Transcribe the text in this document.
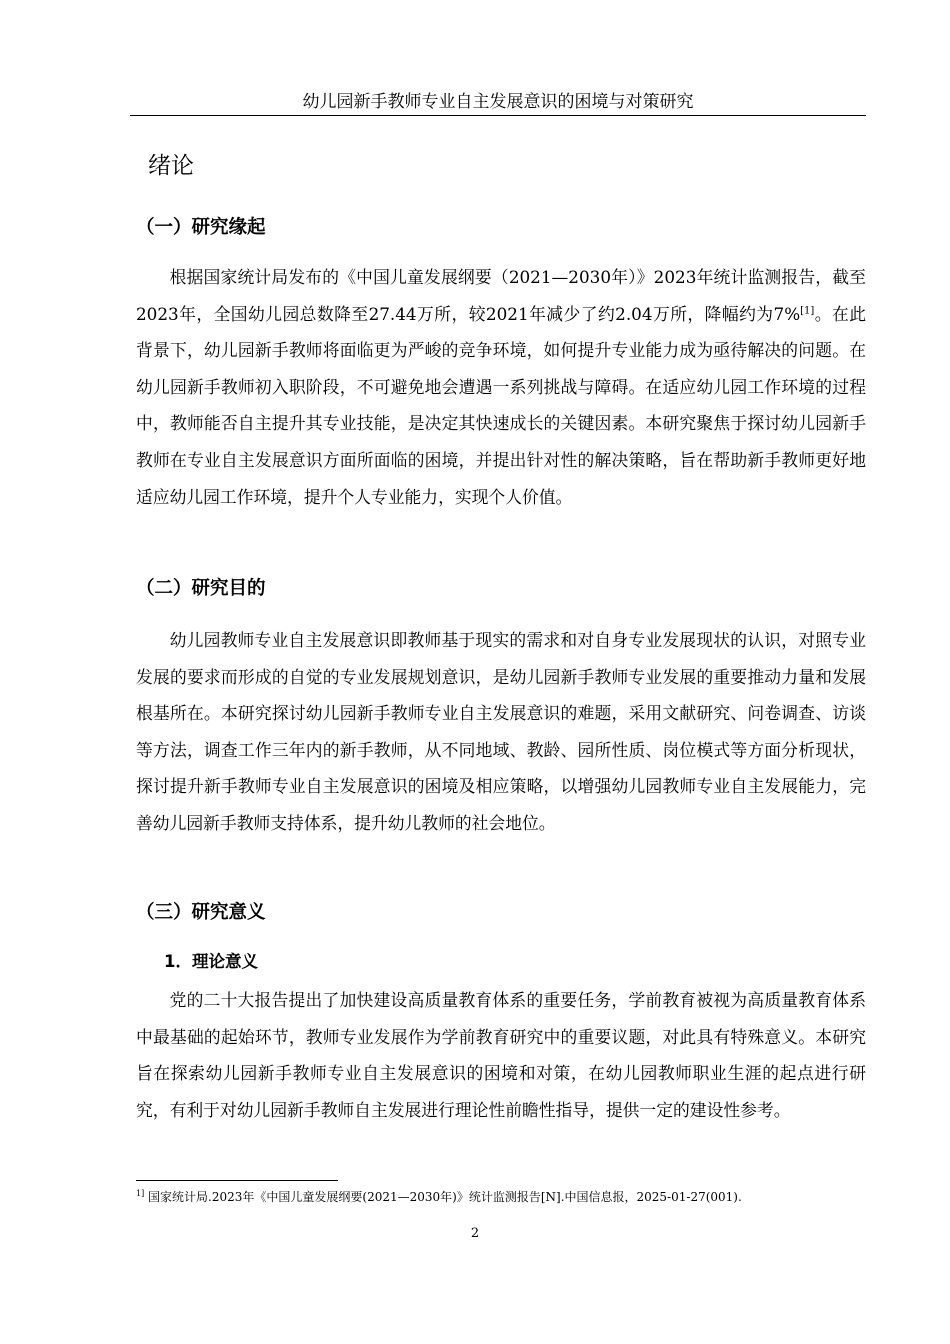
幼儿园新手教师专业自主发展意识的困境与对策研究
绪论
（一）研究缘起

根据国家统计局发布的《中国儿童发展纲要（2021—2030年）》2023年统计监测报告，截至2023年，全国幼儿园总数降至27.44万所，较2021年减少了约2.04万所，降幅约为7%[1]。在此背景下，幼儿园新手教师将面临更为严峻的竞争环境，如何提升专业能力成为亟待解决的问题。在幼儿园新手教师初入职阶段，不可避免地会遭遇一系列挑战与障碍。在适应幼儿园工作环境的过程中，教师能否自主提升其专业技能，是决定其快速成长的关键因素。本研究聚焦于探讨幼儿园新手教师在专业自主发展意识方面所面临的困境，并提出针对性的解决策略，旨在帮助新手教师更好地适应幼儿园工作环境，提升个人专业能力，实现个人价值。

（二）研究目的

幼儿园教师专业自主发展意识即教师基于现实的需求和对自身专业发展现状的认识，对照专业发展的要求而形成的自觉的专业发展规划意识，是幼儿园新手教师专业发展的重要推动力量和发展根基所在。本研究探讨幼儿园新手教师专业自主发展意识的难题，采用文献研究、问卷调查、访谈等方法，调查工作三年内的新手教师，从不同地域、教龄、园所性质、岗位模式等方面分析现状，探讨提升新手教师专业自主发展意识的困境及相应策略，以增强幼儿园教师专业自主发展能力，完善幼儿园新手教师支持体系，提升幼儿教师的社会地位。

（三）研究意义
1．理论意义

党的二十大报告提出了加快建设高质量教育体系的重要任务，学前教育被视为高质量教育体系中最基础的起始环节，教师专业发展作为学前教育研究中的重要议题，对此具有特殊意义。本研究旨在探索幼儿园新手教师专业自主发展意识的困境和对策，在幼儿园教师职业生涯的起点进行研究，有利于对幼儿园新手教师自主发展进行理论性前瞻性指导，提供一定的建设性参考。

$^{1]}$ 国家统计局.2023年《中国儿童发展纲要(2021—2030年)》统计监测报告[N].中国信息报，2025-01-27(001).
2
